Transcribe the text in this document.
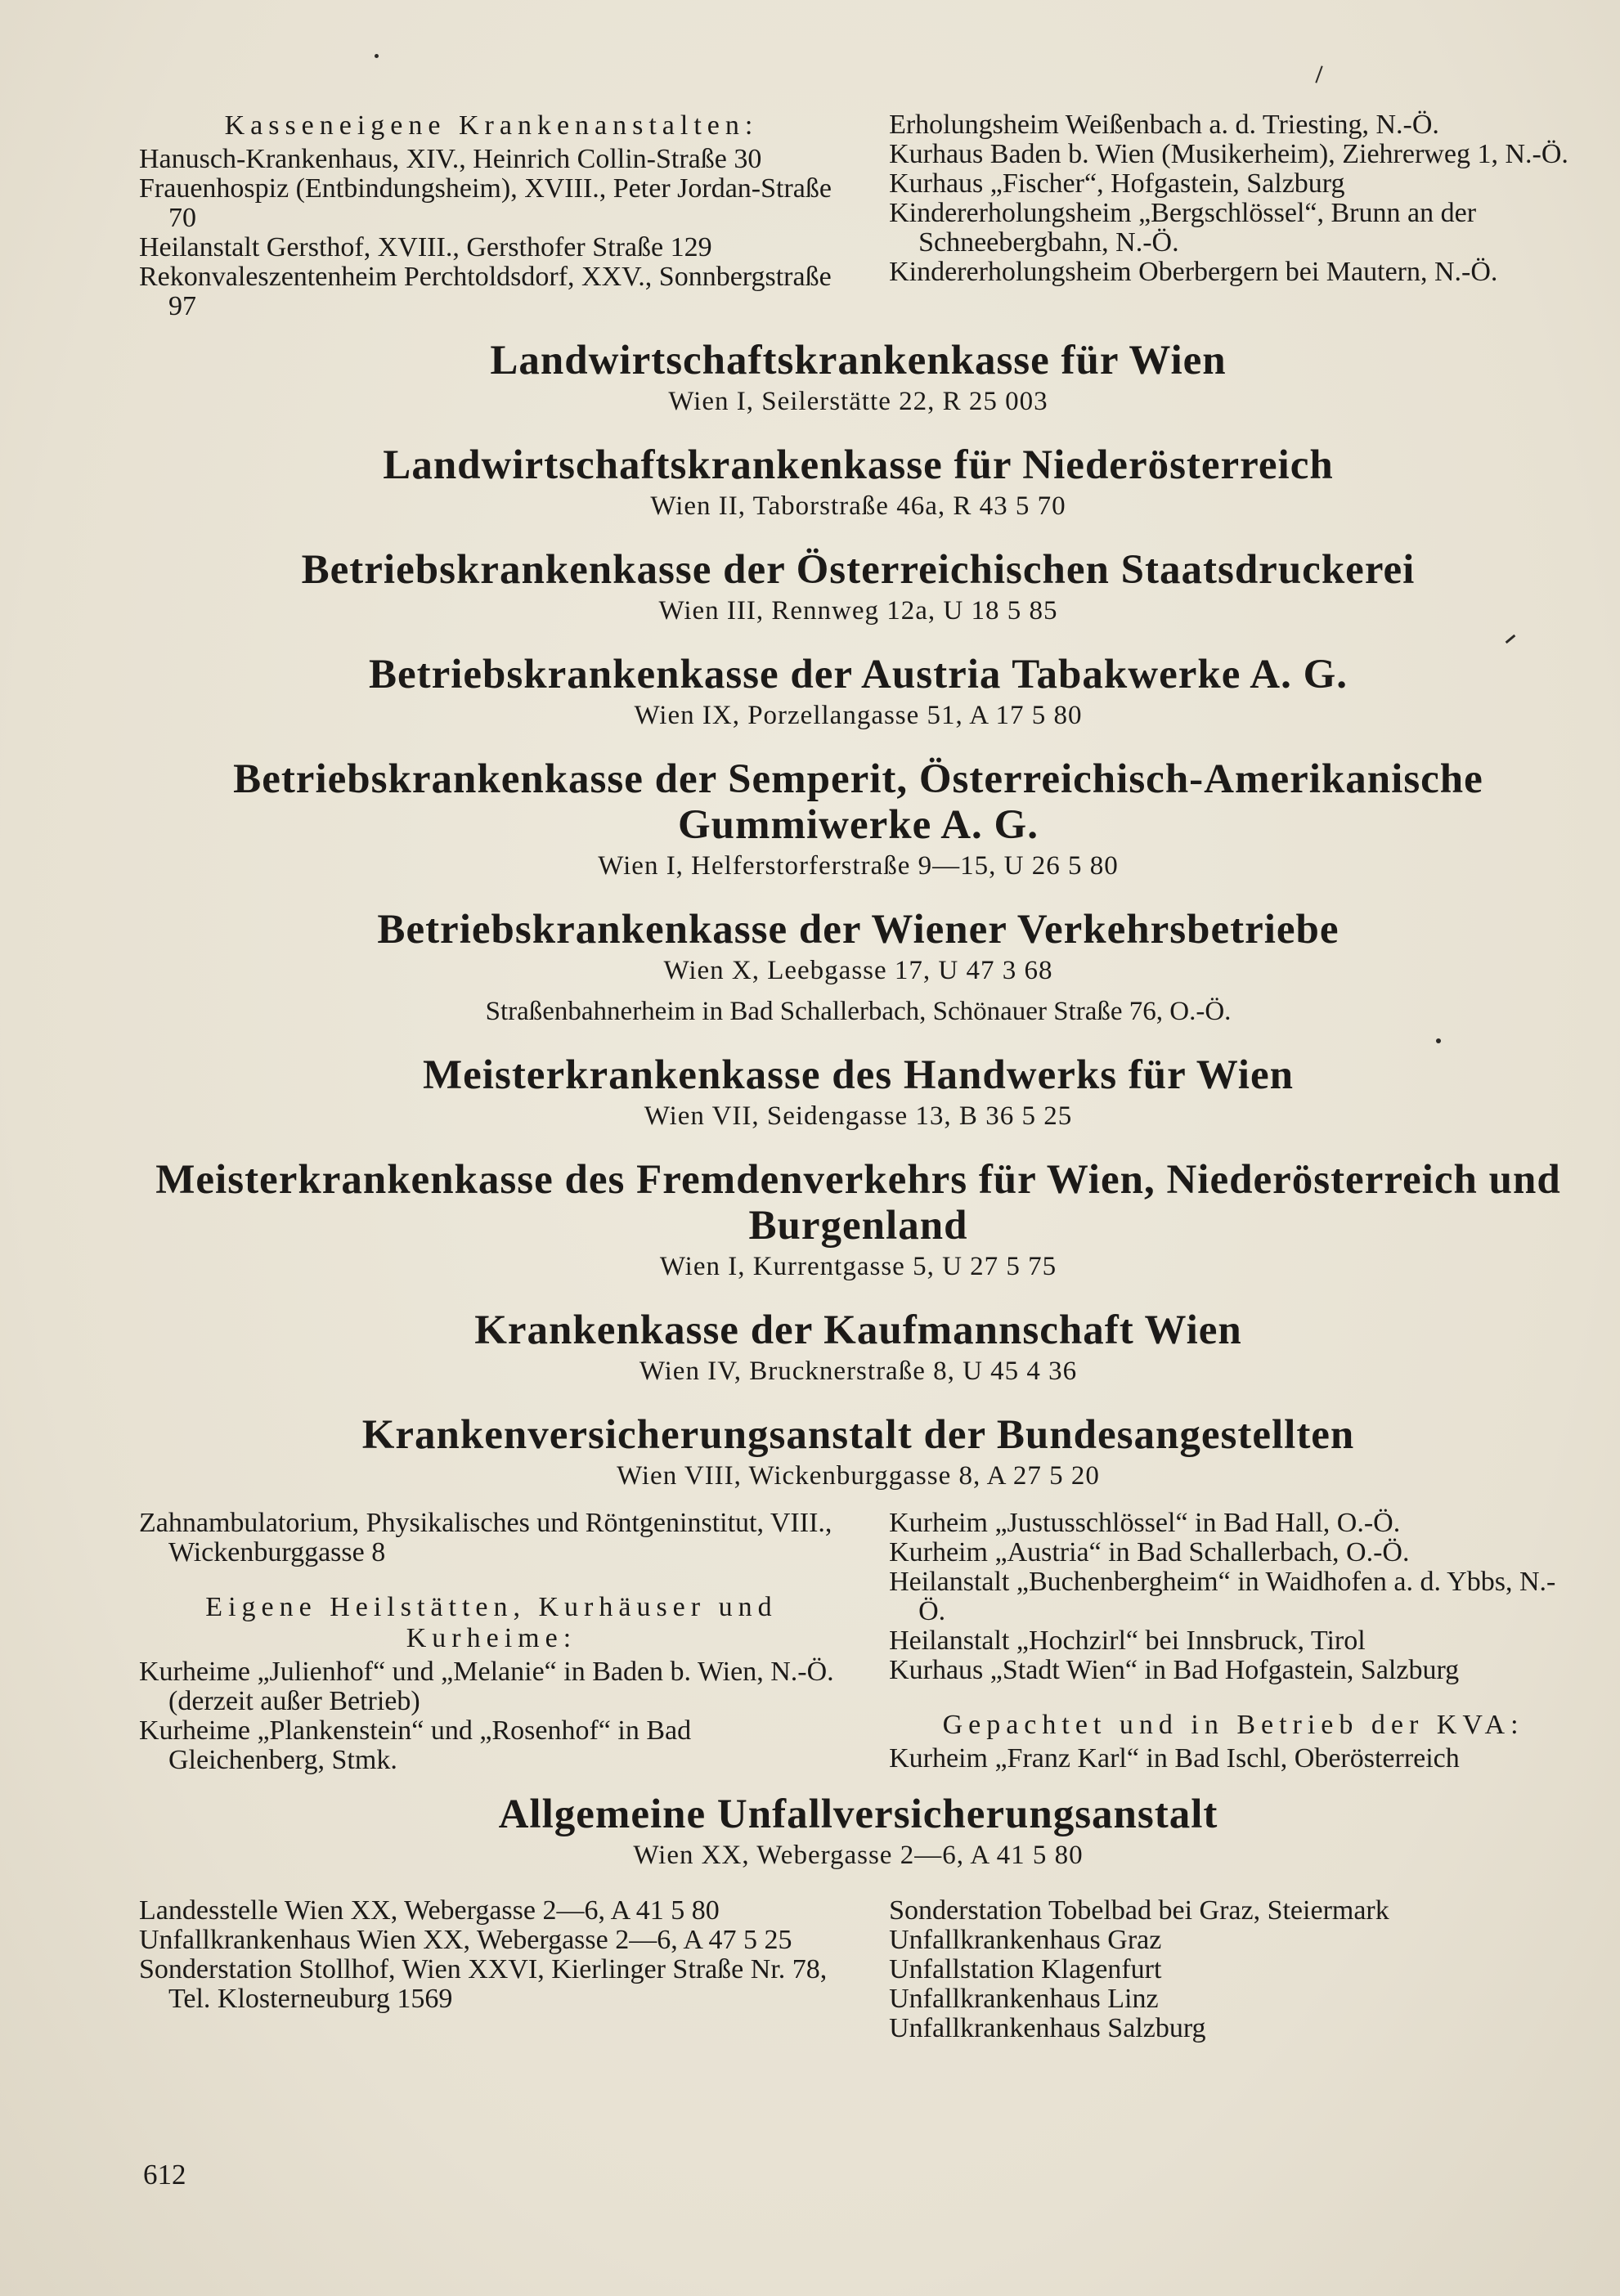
Kasseneigene Krankenanstalten:

Hanusch-Krankenhaus, XIV., Heinrich Collin-Straße 30

Frauenhospiz (Entbindungsheim), XVIII., Peter Jordan-Straße 70

Heilanstalt Gersthof, XVIII., Gersthofer Straße 129

Rekonvaleszentenheim Perchtoldsdorf, XXV., Sonnbergstraße 97

Erholungsheim Weißenbach a. d. Triesting, N.-Ö.

Kurhaus Baden b. Wien (Musikerheim), Ziehrerweg 1, N.-Ö.

Kurhaus „Fischer“, Hofgastein, Salzburg

Kindererholungsheim „Bergschlössel“, Brunn an der Schneebergbahn, N.-Ö.

Kindererholungsheim Oberbergern bei Mautern, N.-Ö.

Landwirtschaftskrankenkasse für Wien

Wien I, Seilerstätte 22, R 25 003

Landwirtschaftskrankenkasse für Niederösterreich

Wien II, Taborstraße 46a, R 43 5 70

Betriebskrankenkasse der Österreichischen Staatsdruckerei

Wien III, Rennweg 12a, U 18 5 85

Betriebskrankenkasse der Austria Tabakwerke A. G.

Wien IX, Porzellangasse 51, A 17 5 80

Betriebskrankenkasse der Semperit, Österreichisch-Amerikanische Gummiwerke A. G.

Wien I, Helferstorferstraße 9—15, U 26 5 80

Betriebskrankenkasse der Wiener Verkehrsbetriebe

Wien X, Leebgasse 17, U 47 3 68

Straßenbahnerheim in Bad Schallerbach, Schönauer Straße 76, O.-Ö.

Meisterkrankenkasse des Handwerks für Wien

Wien VII, Seidengasse 13, B 36 5 25

Meisterkrankenkasse des Fremdenverkehrs für Wien, Niederösterreich und Burgenland

Wien I, Kurrentgasse 5, U 27 5 75

Krankenkasse der Kaufmannschaft Wien

Wien IV, Brucknerstraße 8, U 45 4 36

Krankenversicherungsanstalt der Bundesangestellten

Wien VIII, Wickenburggasse 8, A 27 5 20

Zahnambulatorium, Physikalisches und Röntgeninstitut, VIII., Wickenburggasse 8

Eigene Heilstätten, Kurhäuser und Kurheime:

Kurheime „Julienhof“ und „Melanie“ in Baden b. Wien, N.-Ö. (derzeit außer Betrieb)

Kurheime „Plankenstein“ und „Rosenhof“ in Bad Gleichenberg, Stmk.

Kurheim „Justusschlössel“ in Bad Hall, O.-Ö.

Kurheim „Austria“ in Bad Schallerbach, O.-Ö.

Heilanstalt „Buchenbergheim“ in Waidhofen a. d. Ybbs, N.-Ö.

Heilanstalt „Hochzirl“ bei Innsbruck, Tirol

Kurhaus „Stadt Wien“ in Bad Hofgastein, Salzburg

Gepachtet und in Betrieb der KVA:

Kurheim „Franz Karl“ in Bad Ischl, Oberösterreich

Allgemeine Unfallversicherungsanstalt

Wien XX, Webergasse 2—6, A 41 5 80

Landesstelle Wien XX, Webergasse 2—6, A 41 5 80

Unfallkrankenhaus Wien XX, Webergasse 2—6, A 47 5 25

Sonderstation Stollhof, Wien XXVI, Kierlinger Straße Nr. 78, Tel. Klosterneuburg 1569

Sonderstation Tobelbad bei Graz, Steiermark

Unfallkrankenhaus Graz

Unfallstation Klagenfurt

Unfallkrankenhaus Linz

Unfallkrankenhaus Salzburg

612
